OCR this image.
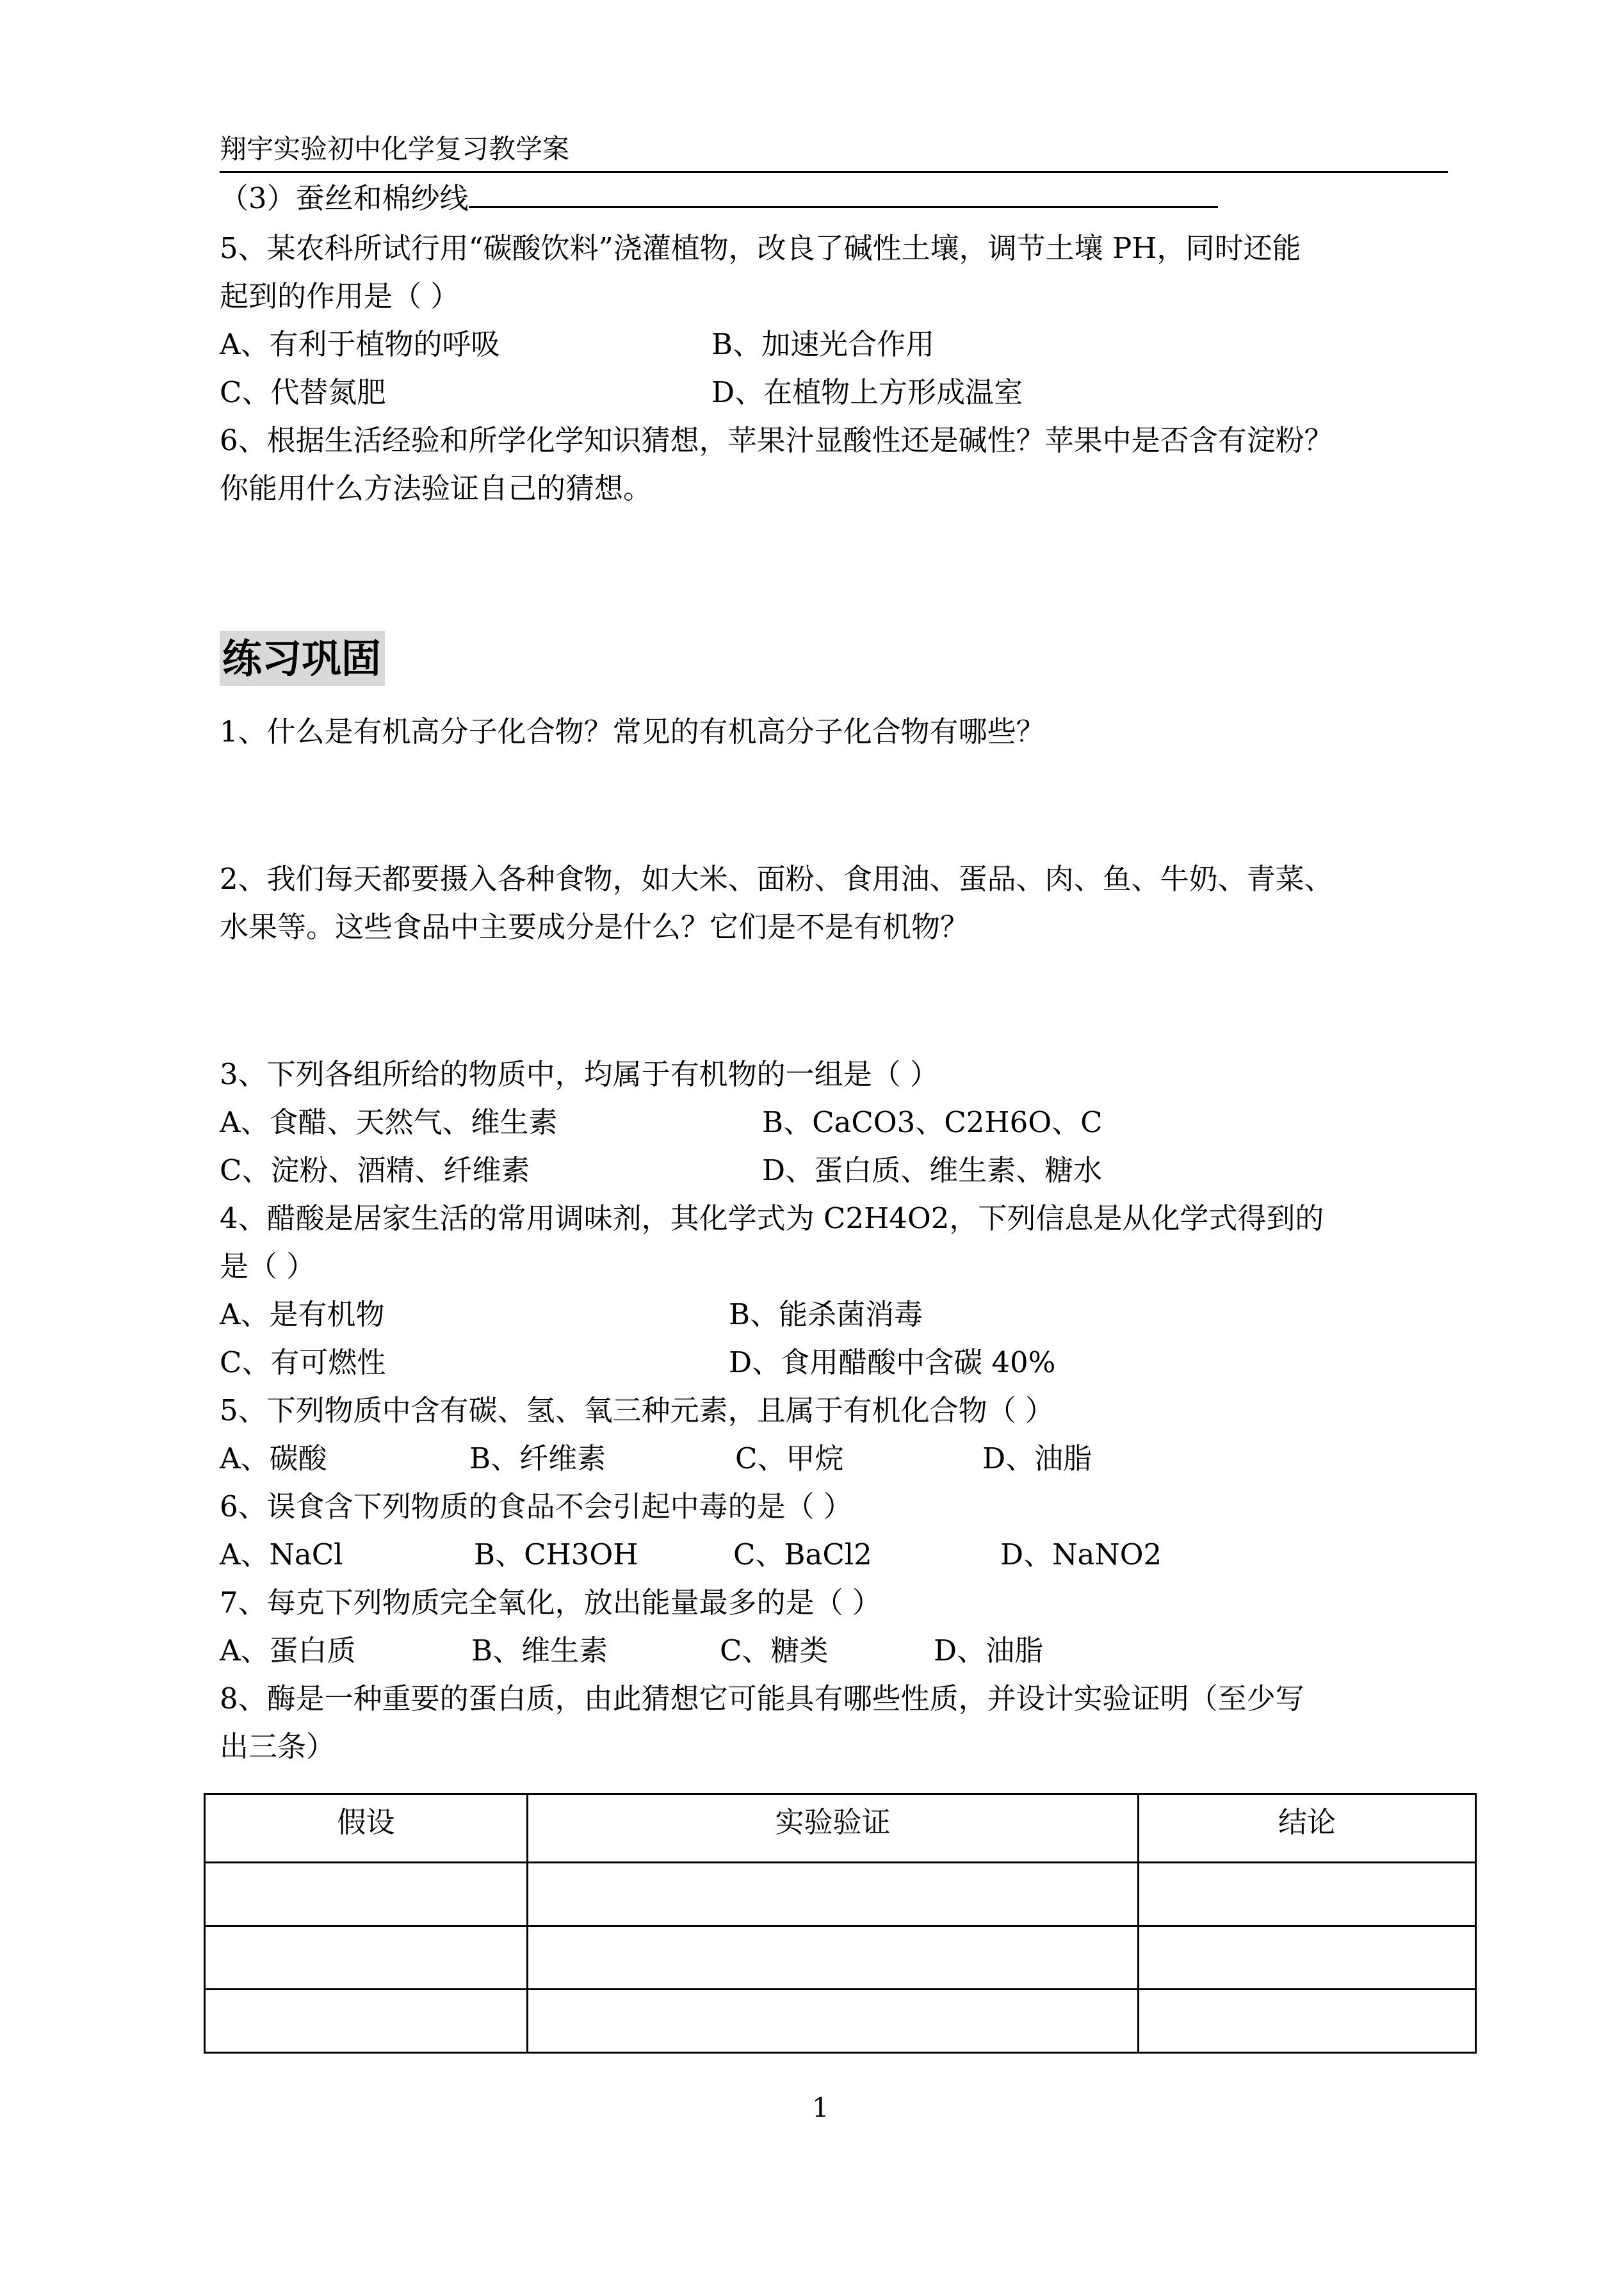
翔宇实验初中化学复习教学案
（3）蚕丝和棉纱线
5、某农科所试行用“碳酸饮料”浇灌植物，改良了碱性土壤，调节土壤 PH，同时还能
起到的作用是（ ）
A、有利于植物的呼吸	B、加速光合作用
C、代替氮肥	D、在植物上方形成温室
6、根据生活经验和所学化学知识猜想，苹果汁显酸性还是碱性？苹果中是否含有淀粉？
你能用什么方法验证自己的猜想。
练习巩固
1、什么是有机高分子化合物？常见的有机高分子化合物有哪些？
2、我们每天都要摄入各种食物，如大米、面粉、食用油、蛋品、肉、鱼、牛奶、青菜、
水果等。这些食品中主要成分是什么？它们是不是有机物？
3、下列各组所给的物质中，均属于有机物的一组是（ ）
A、食醋、天然气、维生素	B、CaCO3、C2H6O、C
C、淀粉、酒精、纤维素	D、蛋白质、维生素、糖水
4、醋酸是居家生活的常用调味剂，其化学式为 C2H4O2，下列信息是从化学式得到的
是（ ）
A、是有机物	B、能杀菌消毒
C、有可燃性	D、食用醋酸中含碳 40%
5、下列物质中含有碳、氢、氧三种元素，且属于有机化合物（ ）
A、碳酸	B、纤维素	C、甲烷	D、油脂
6、误食含下列物质的食品不会引起中毒的是（ ）
A、NaCl	B、CH3OH	C、BaCl2	D、NaNO2
7、每克下列物质完全氧化，放出能量最多的是（ ）
A、蛋白质	B、维生素	C、糖类	D、油脂
8、酶是一种重要的蛋白质，由此猜想它可能具有哪些性质，并设计实验证明（至少写
出三条）
假设	实验验证	结论

1
